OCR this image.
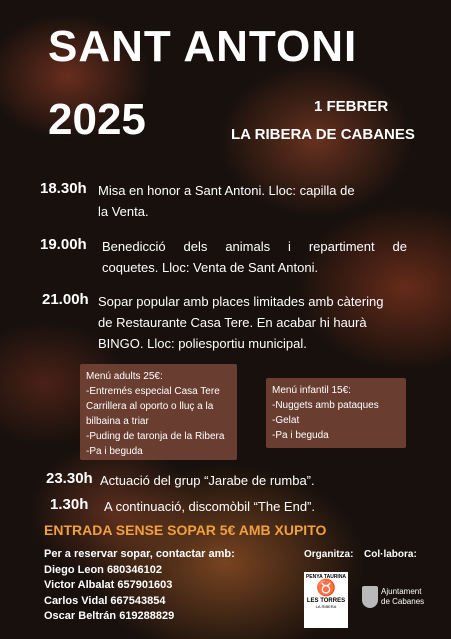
SANT ANTONI
2025	1 FEBRER
LA RIBERA DE CABANES
18.30h Misa en honor a Sant Antoni. Lloc: capilla de
la Venta.
19.00h	Benedicció dels animals i repartiment de
coquetes. Lloc: Venta de Sant Antoni.
21.00h Sopar popular amb places limitades amb càtering
de Restaurante Casa Tere. En acabar hi haurà
BINGO. Lloc: poliesportiu municipal.
Menú adults 25€:
-Entremés especial Casa Tere
Carrillera al oporto o lluç a la
bilbaina a triar
-Puding de taronja de la Ribera
-Pa i beguda
Menú infantil 15€:
-Nuggets amb pataques
-Gelat
-Pa i beguda
23.30h Actuació del grup “Jarabe de rumba”.
1.30h	A continuació, discomòbil “The End”.
ENTRADA SENSE SOPAR 5€ AMB XUPITO
Per a reservar sopar, contactar amb:
Diego Leon 680346102
Victor Albalat 657901603
Carlos Vidal 667543854
Oscar Beltrán 619288829
Organitza: Col·labora:
PENYA TAURINA
♉
LES TORRES
LA RIBERA
Ajuntament
de Cabanes
